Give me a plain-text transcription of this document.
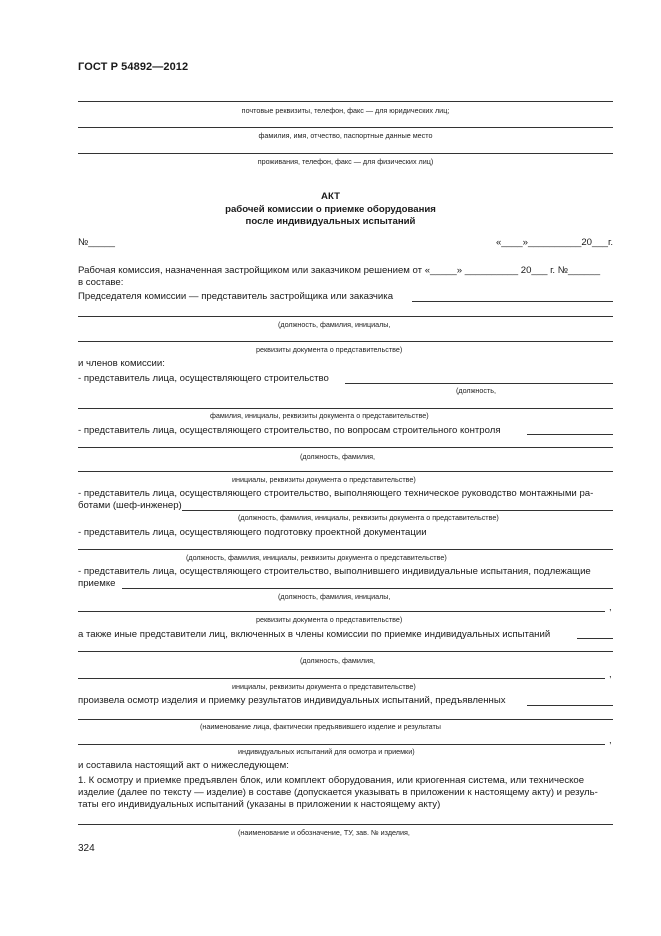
ГОСТ Р 54892—2012
почтовые реквизиты, телефон, факс — для юридических лиц;
фамилия, имя, отчество, паспортные данные место
проживания, телефон, факс — для физических лиц)
АКТ
рабочей комиссии о приемке оборудования
после индивидуальных испытаний
№_____	«____»__________20___г.
Рабочая комиссия, назначенная застройщиком или заказчиком решением от «_____» __________ 20___ г. №______
в составе:
Председателя комиссии — представитель застройщика или заказчика
(должность, фамилия, инициалы,
реквизиты документа о представительстве)
и членов комиссии:
- представитель лица, осуществляющего строительство
(должность,
фамилия, инициалы, реквизиты документа о представительстве)
- представитель лица, осуществляющего строительство, по вопросам строительного контроля
(должность, фамилия,
инициалы, реквизиты документа о представительстве)
- представитель лица, осуществляющего строительство, выполняющего техническое руководство монтажными ра-
ботами (шеф-инженер)
(должность, фамилия, инициалы, реквизиты документа о представительстве)
- представитель лица, осуществляющего подготовку проектной документации
(должность, фамилия, инициалы, реквизиты документа о представительстве)
- представитель лица, осуществляющего строительство, выполнившего индивидуальные испытания, подлежащие
приемке
(должность, фамилия, инициалы,
,
реквизиты документа о представительстве)
а также иные представители лиц, включенных в члены комиссии по приемке индивидуальных испытаний
(должность, фамилия,
,
инициалы, реквизиты документа о представительстве)
произвела осмотр изделия и приемку результатов индивидуальных испытаний, предъявленных
(наименование лица, фактически предъявившего изделие и результаты
,
индивидуальных испытаний для осмотра и приемки)
и составила настоящий акт о нижеследующем:
1. К осмотру и приемке предъявлен блок, или комплект оборудования, или криогенная система, или техническое
изделие (далее по тексту — изделие) в составе (допускается указывать в приложении к настоящему акту) и резуль-
таты его индивидуальных испытаний (указаны в приложении к настоящему акту)
(наименование и обозначение, ТУ, зав. № изделия,
324
